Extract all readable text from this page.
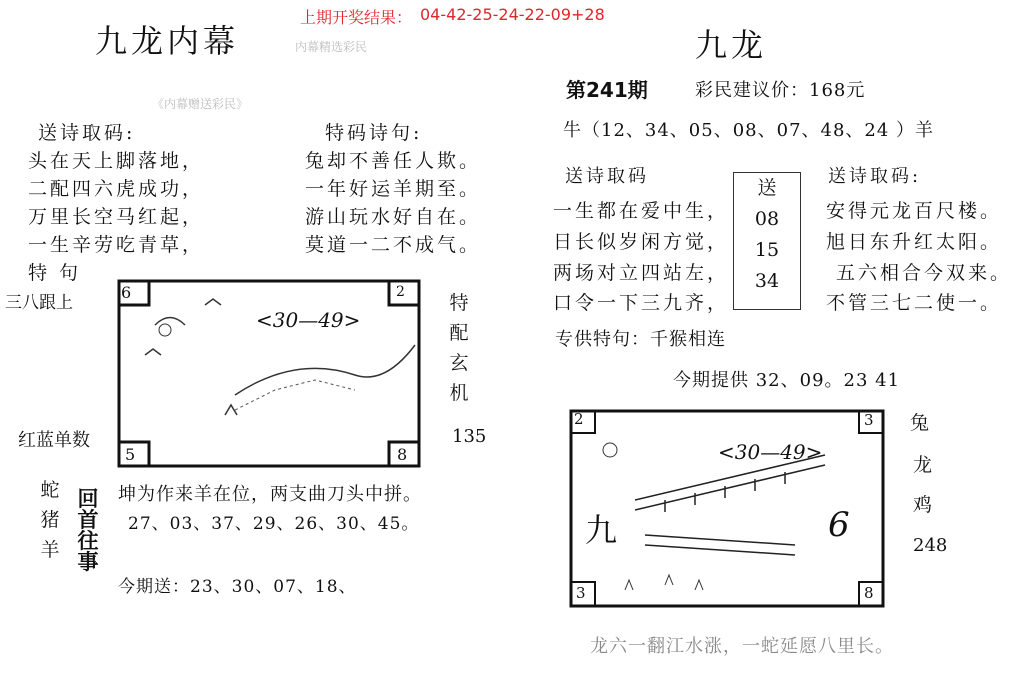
上期开奖结果： 04-42-25-24-22-09+28
九龙内幕	内幕精选彩民
《内幕赠送彩民》
送诗取码:	特码诗句:
头在天上脚落地，
二配四六虎成功，
万里长空马红起，
一生辛劳吃青草，
兔却不善任人欺。
一年好运羊期至。
游山玩水好自在。
莫道一二不成气。
特 句
三八跟上
6	2
5	8
<30—49>
特配玄机
红蓝单数	135
蛇猪羊
回首往事
坤为作来羊在位，两支曲刀头中拼。
27、03、37、29、26、30、45。
今期送：23、30、07、18、
九龙
第241期	彩民建议价：168元
牛（12、34、05、08、07、48、24 ）羊
送诗取码	送诗取码:
一生都在爱中生，
日长似岁闲方觉，
两场对立四站左，
口令一下三九齐，
安得元龙百尺楼。
旭日东升红太阳。
五六相合今双来。
不管三七二使一。
送
08
15
34
专供特句：千猴相连
今期提供 32、09。23 41
2	3
3	8
<30—49>
九	6
兔
龙
鸡
248
龙六一翻江水涨，一蛇延愿八里长。
